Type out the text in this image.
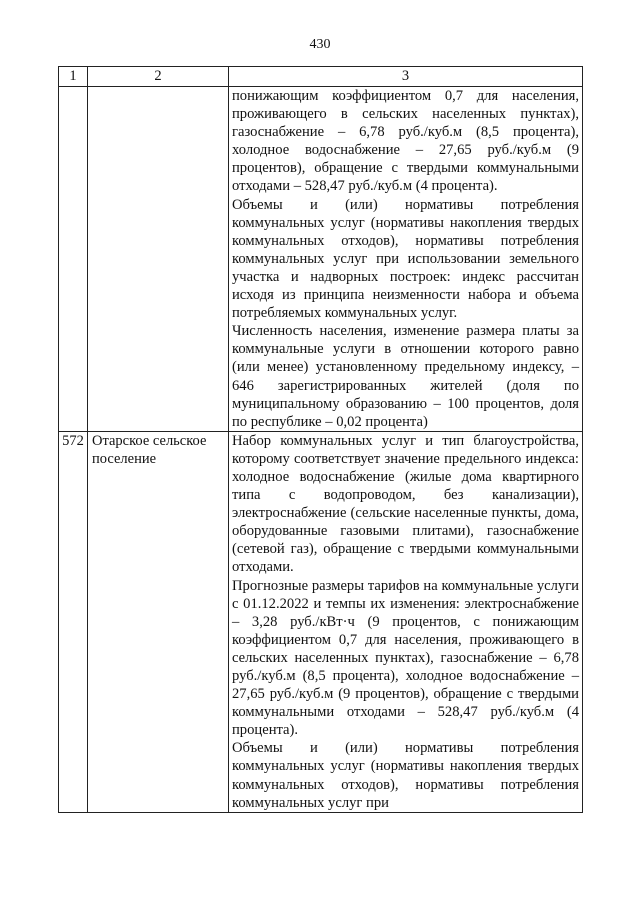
430
1	2	3

		понижающим коэффициентом 0,7 для населения, проживающего в сельских населенных пунктах), газоснабжение – 6,78 руб./куб.м (8,5 процента), холодное водоснабжение – 27,65 руб./куб.м (9 процентов), обращение с твердыми коммунальными отходами – 528,47 руб./куб.м (4 процента).

Объемы и (или) нормативы потребления коммунальных услуг (нормативы накопления твердых коммунальных отходов), нормативы потребления коммунальных услуг при использовании земельного участка и надворных построек: индекс рассчитан исходя из принципа неизменности набора и объема потребляемых коммунальных услуг.

Численность населения, изменение размера платы за коммунальные услуги в отношении которого равно (или менее) установленному предельному индексу, – 646 зарегистрированных жителей (доля по муниципальному образованию – 100 процентов, доля по республике – 0,02 процента)

572	Отарское сельское поселение	Набор коммунальных услуг и тип благоустройства, которому соответствует значение предельного индекса: холодное водоснабжение (жилые дома квартирного типа с водопроводом, без канализации), электроснабжение (сельские населенные пункты, дома, оборудованные газовыми плитами), газоснабжение (сетевой газ), обращение с твердыми коммунальными отходами.

Прогнозные размеры тарифов на коммунальные услуги с 01.12.2022 и темпы их изменения: электроснабжение – 3,28 руб./кВт·ч (9 процентов, с понижающим коэффициентом 0,7 для населения, проживающего в сельских населенных пунктах), газоснабжение – 6,78 руб./куб.м (8,5 процента), холодное водоснабжение – 27,65 руб./куб.м (9 процентов), обращение с твердыми коммунальными отходами – 528,47 руб./куб.м (4 процента).

Объемы и (или) нормативы потребления коммунальных услуг (нормативы накопления твердых коммунальных отходов), нормативы потребления коммунальных услуг при
